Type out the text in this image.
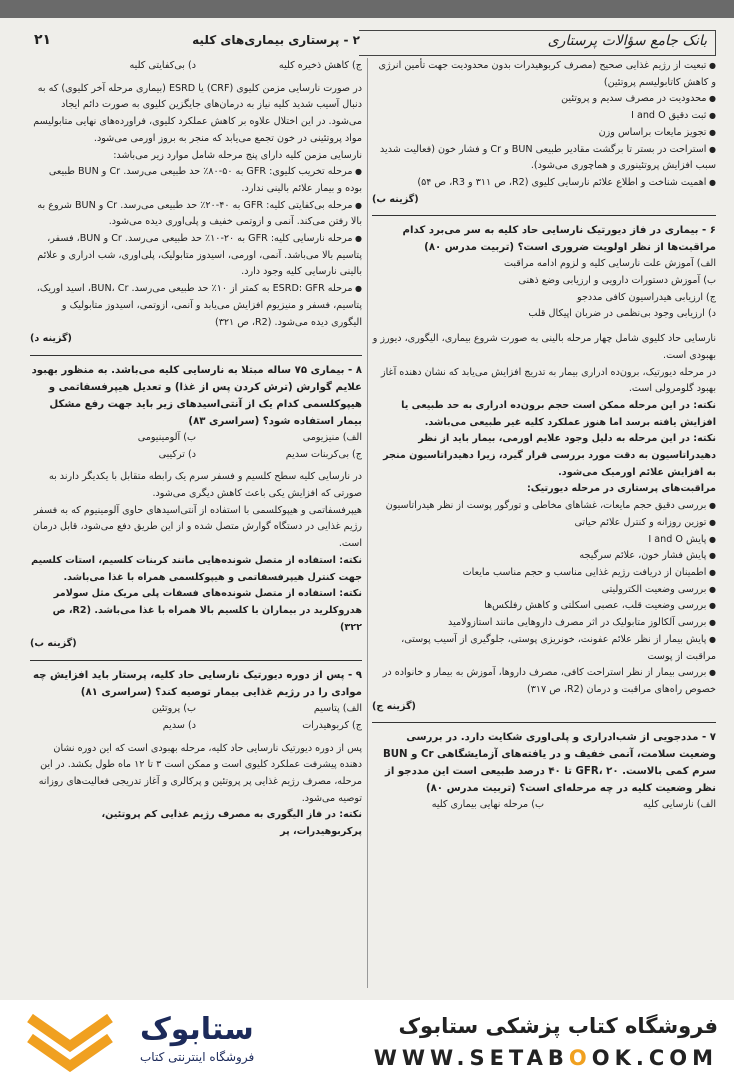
بانک جامع سؤالات پرستاری
۲ - پرستاری بیماری‌های کلیه
۲۱

● تبعیت از رژیم غذایی صحیح (مصرف کربوهیدرات بدون محدودیت جهت تأمین انرژی و کاهش کاتابولیسم پروتئین)

● محدودیت در مصرف سدیم و پروتئین

● ثبت دقیق I and O

● تجویز مایعات براساس وزن

● استراحت در بستر تا برگشت مقادیر طبیعی BUN و Cr و فشار خون (فعالیت شدید سبب افزایش پروتئینوری و هماچوری می‌شود).

● اهمیت شناخت و اطلاع علائم نارسایی کلیوی (R2، ص ۳۱۱ و R3، ص ۵۴)

(گزینه ب)

۶ - بیماری در فاز دیورتیک نارسایی حاد کلیه به سر می‌برد کدام مراقبت‌ها از نظر اولویت ضروری است؟ (تربیت مدرس ۸۰)

الف) آموزش علت نارسایی کلیه و لزوم ادامه مراقبت

ب) آموزش دستورات دارویی و ارزیابی وضع ذهنی

ج) ارزیابی هیدراسیون کافی مددجو

د) ارزیابی وجود بی‌نظمی در ضربان اپیکال قلب

نارسایی حاد کلیوی شامل چهار مرحله بالینی به صورت شروع بیماری، الیگوری، دیورز و بهبودی است.

در مرحله دیورتیک، برون‌ده ادراری بیمار به تدریج افزایش می‌یابد که نشان دهنده آغاز بهبود گلومرولی است.

نکته: در این مرحله ممکن است حجم برون‌ده ادراری به حد طبیعی یا افزایش یافته برسد اما هنوز عملکرد کلیه غیر طبیعی می‌باشد.

نکته: در این مرحله به دلیل وجود علایم اورمی، بیمار باید از نظر دهیدراتاسیون به دقت مورد بررسی قرار گیرد، زیرا دهیدراتاسیون منجر به افزایش علائم اورمیک می‌شود.

مراقبت‌های پرستاری در مرحله دیورتیک:

● بررسی دقیق حجم مایعات، غشاهای مخاطی و تورگور پوست از نظر هیدراتاسیون

● توزین روزانه و کنترل علائم حیاتی

● پایش I and O

● پایش فشار خون، علائم سرگیجه

● اطمینان از دریافت رژیم غذایی مناسب و حجم مناسب مایعات

● بررسی وضعیت الکترولیتی

● بررسی وضعیت قلب، عصبی اسکلتی و کاهش رفلکس‌ها

● بررسی آلکالوز متابولیک در اثر مصرف داروهایی مانند استازولامید

● پایش بیمار از نظر علائم عفونت، خونریزی پوستی، جلوگیری از آسیب پوستی، مراقبت از پوست

● بررسی بیمار از نظر استراحت کافی، مصرف داروها، آموزش به بیمار و خانواده در خصوص راه‌های مراقبت و درمان (R2، ص ۳۱۷)

(گزینه ج)

۷ - مددجویی از شب‌ادراری و پلی‌اوری شکایت دارد. در بررسی وضعیت سلامت، آنمی خفیف و در یافته‌های آزمایشگاهی Cr و BUN سرم کمی بالاست. GFR، ۲۰ تا ۴۰ درصد طبیعی است این مددجو از نظر وضعیت کلیه در چه مرحله‌ای است؟ (تربیت مدرس ۸۰)

الف) نارسایی کلیه
ب) مرحله نهایی بیماری کلیه
ج) کاهش ذخیره کلیه
د) بی‌کفایتی کلیه

در صورت نارسایی مزمن کلیوی (CRF) یا ESRD (بیماری مرحله آخر کلیوی) که به دنبال آسیب شدید کلیه نیاز به درمان‌های جایگزین کلیوی به صورت دائم ایجاد می‌شود. در این اختلال علاوه بر کاهش عملکرد کلیوی، فراورده‌های نهایی متابولیسم مواد پروتئینی در خون تجمع می‌یابد که منجر به بروز اورمی می‌شود.

نارسایی مزمن کلیه دارای پنج مرحله شامل موارد زیر می‌باشد:

● مرحله تخریب کلیوی: GFR به ۵۰-۸۰٪ حد طبیعی می‌رسد. Cr و BUN طبیعی بوده و بیمار علائم بالینی ندارد.

● مرحله بی‌کفایتی کلیه: GFR به ۴۰-۲۰٪ حد طبیعی می‌رسد. Cr و BUN شروع به بالا رفتن می‌کند. آنمی و ازوتمی خفیف و پلی‌اوری دیده می‌شود.

● مرحله نارسایی کلیه: GFR به ۲۰-۱۰٪ حد طبیعی می‌رسد. Cr و BUN، فسفر، پتاسیم بالا می‌باشد. آنمی، اورمی، اسیدوز متابولیک، پلی‌اوری، شب ادراری و علائم بالینی نارسایی کلیه وجود دارد.

● مرحله ESRD: GFR به کمتر از ۱۰٪ حد طبیعی می‌رسد. BUN، Cr، اسید اوریک، پتاسیم، فسفر و منیزیوم افزایش می‌یابد و آنمی، ازوتمی، اسیدوز متابولیک و الیگوری دیده می‌شود. (R2، ص ۳۲۱)

(گزینه د)

۸ - بیماری ۷۵ ساله مبتلا به نارسایی کلیه می‌باشد. به منظور بهبود علایم گوارش (ترش کردن پس از غذا) و تعدیل هیپرفسفاتمی و هیپوکلسمی کدام یک از آنتی‌اسیدهای زیر باید جهت رفع مشکل بیمار استفاده شود؟ (سراسری ۸۳)

الف) منیزیومی
ب) آلومینیومی
ج) بی‌کربنات سدیم
د) ترکیبی

در نارسایی کلیه سطح کلسیم و فسفر سرم یک رابطه متقابل با یکدیگر دارند به صورتی که افزایش یکی باعث کاهش دیگری می‌شود.

هیپرفسفاتمی و هیپوکلسمی با استفاده از آنتی‌اسیدهای حاوی آلومینیوم که به فسفر رژیم غذایی در دستگاه گوارش متصل شده و از این طریق دفع می‌شود، قابل درمان است.

نکته: استفاده از متصل شونده‌هایی مانند کربنات کلسیم، استات کلسیم جهت کنترل هیپرفسفاتمی و هیپوکلسمی همراه با غذا می‌باشد.

نکته: استفاده از متصل شونده‌های فسفات پلی مریک مثل سولامر هدروکلرید در بیماران با کلسیم بالا همراه با غذا می‌باشد. (R2، ص ۳۲۲)

(گزینه ب)

۹ - پس از دوره دیورتیک نارسایی حاد کلیه، پرستار باید افزایش چه موادی را در رژیم غذایی بیمار توصیه کند؟ (سراسری ۸۱)

الف) پتاسیم
ب) پروتئین
ج) کربوهیدرات
د) سدیم

پس از دوره دیورتیک نارسایی حاد کلیه، مرحله بهبودی است که این دوره نشان دهنده پیشرفت عملکرد کلیوی است و ممکن است ۳ تا ۱۲ ماه طول بکشد. در این مرحله، مصرف رژیم غذایی پر پروتئین و پرکالری و آغاز تدریجی فعالیت‌های روزانه توصیه می‌شود.

نکته: در فاز الیگوری به مصرف رژیم غذایی کم پروتئین، پرکربوهیدرات، پر

ستابوک
فروشگاه اینترنتی کتاب
فروشگاه کتاب پزشکی ستابوک
WWW.SETABOOK.COM
